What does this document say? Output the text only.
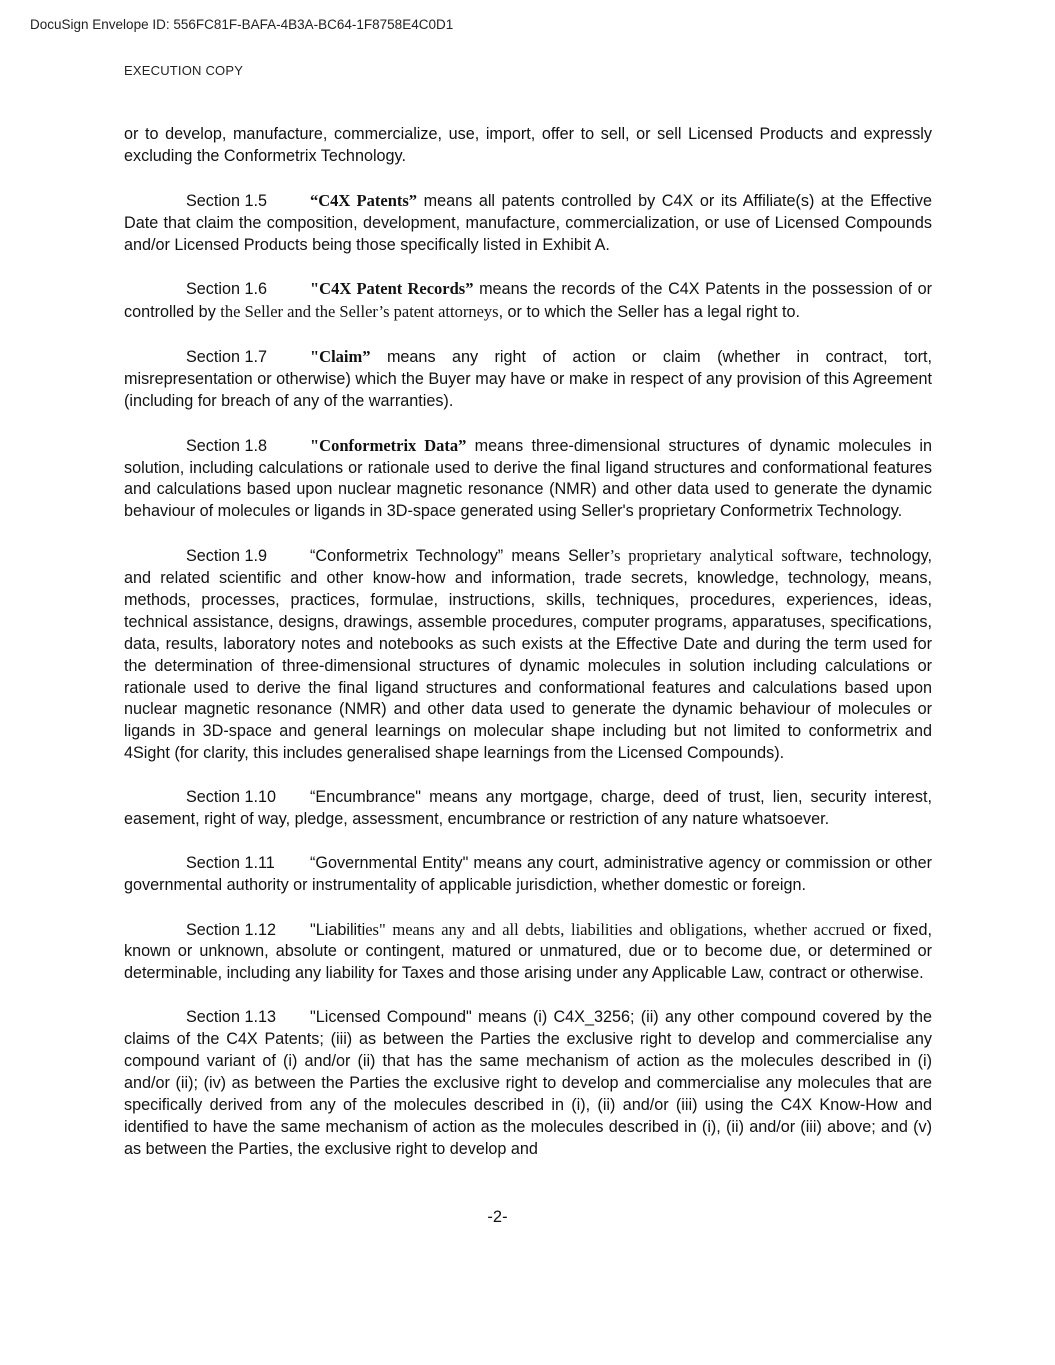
DocuSign Envelope ID: 556FC81F-BAFA-4B3A-BC64-1F8758E4C0D1
EXECUTION COPY

or to develop, manufacture, commercialize, use, import, offer to sell, or sell Licensed Products and expressly excluding the Conformetrix Technology.

Section 1.5	“C4X Patents” means all patents controlled by C4X or its Affiliate(s) at the Effective Date that claim the composition, development, manufacture, commercialization, or use of Licensed Compounds and/or Licensed Products being those specifically listed in Exhibit A.

Section 1.6	"C4X Patent Records” means the records of the C4X Patents in the possession of or controlled by the Seller and the Seller’s patent attorneys, or to which the Seller has a legal right to.

Section 1.7	"Claim” means any right of action or claim (whether in contract, tort, misrepresentation or otherwise) which the Buyer may have or make in respect of any provision of this Agreement (including for breach of any of the warranties).

Section 1.8	"Conformetrix Data” means three-dimensional structures of dynamic molecules in solution, including calculations or rationale used to derive the final ligand structures and conformational features and calculations based upon nuclear magnetic resonance (NMR) and other data used to generate the dynamic behaviour of molecules or ligands in 3D-space generated using Seller's proprietary Conformetrix Technology.

Section 1.9	“Conformetrix Technology” means Seller’s proprietary analytical software, technology, and related scientific and other know-how and information, trade secrets, knowledge, technology, means, methods, processes, practices, formulae, instructions, skills, techniques, procedures, experiences, ideas, technical assistance, designs, drawings, assemble procedures, computer programs, apparatuses, specifications, data, results, laboratory notes and notebooks as such exists at the Effective Date and during the term used for the determination of three-dimensional structures of dynamic molecules in solution including calculations or rationale used to derive the final ligand structures and conformational features and calculations based upon nuclear magnetic resonance (NMR) and other data used to generate the dynamic behaviour of molecules or ligands in 3D-space and general learnings on molecular shape including but not limited to conformetrix and 4Sight (for clarity, this includes generalised shape learnings from the Licensed Compounds).

Section 1.10 “Encumbrance" means any mortgage, charge, deed of trust, lien, security interest, easement, right of way, pledge, assessment, encumbrance or restriction of any nature whatsoever.

Section 1.11 “Governmental Entity" means any court, administrative agency or commission or other governmental authority or instrumentality of applicable jurisdiction, whether domestic or foreign.

Section 1.12 "Liabilities" means any and all debts, liabilities and obligations, whether accrued or fixed, known or unknown, absolute or contingent, matured or unmatured, due or to become due, or determined or determinable, including any liability for Taxes and those arising under any Applicable Law, contract or otherwise.

Section 1.13 "Licensed Compound" means (i) C4X_3256; (ii) any other compound covered by the claims of the C4X Patents; (iii) as between the Parties the exclusive right to develop and commercialise any compound variant of (i) and/or (ii) that has the same mechanism of action as the molecules described in (i) and/or (ii); (iv) as between the Parties the exclusive right to develop and commercialise any molecules that are specifically derived from any of the molecules described in (i), (ii) and/or (iii) using the C4X Know-How and identified to have the same mechanism of action as the molecules described in (i), (ii) and/or (iii) above; and (v) as between the Parties, the exclusive right to develop and

-2-
